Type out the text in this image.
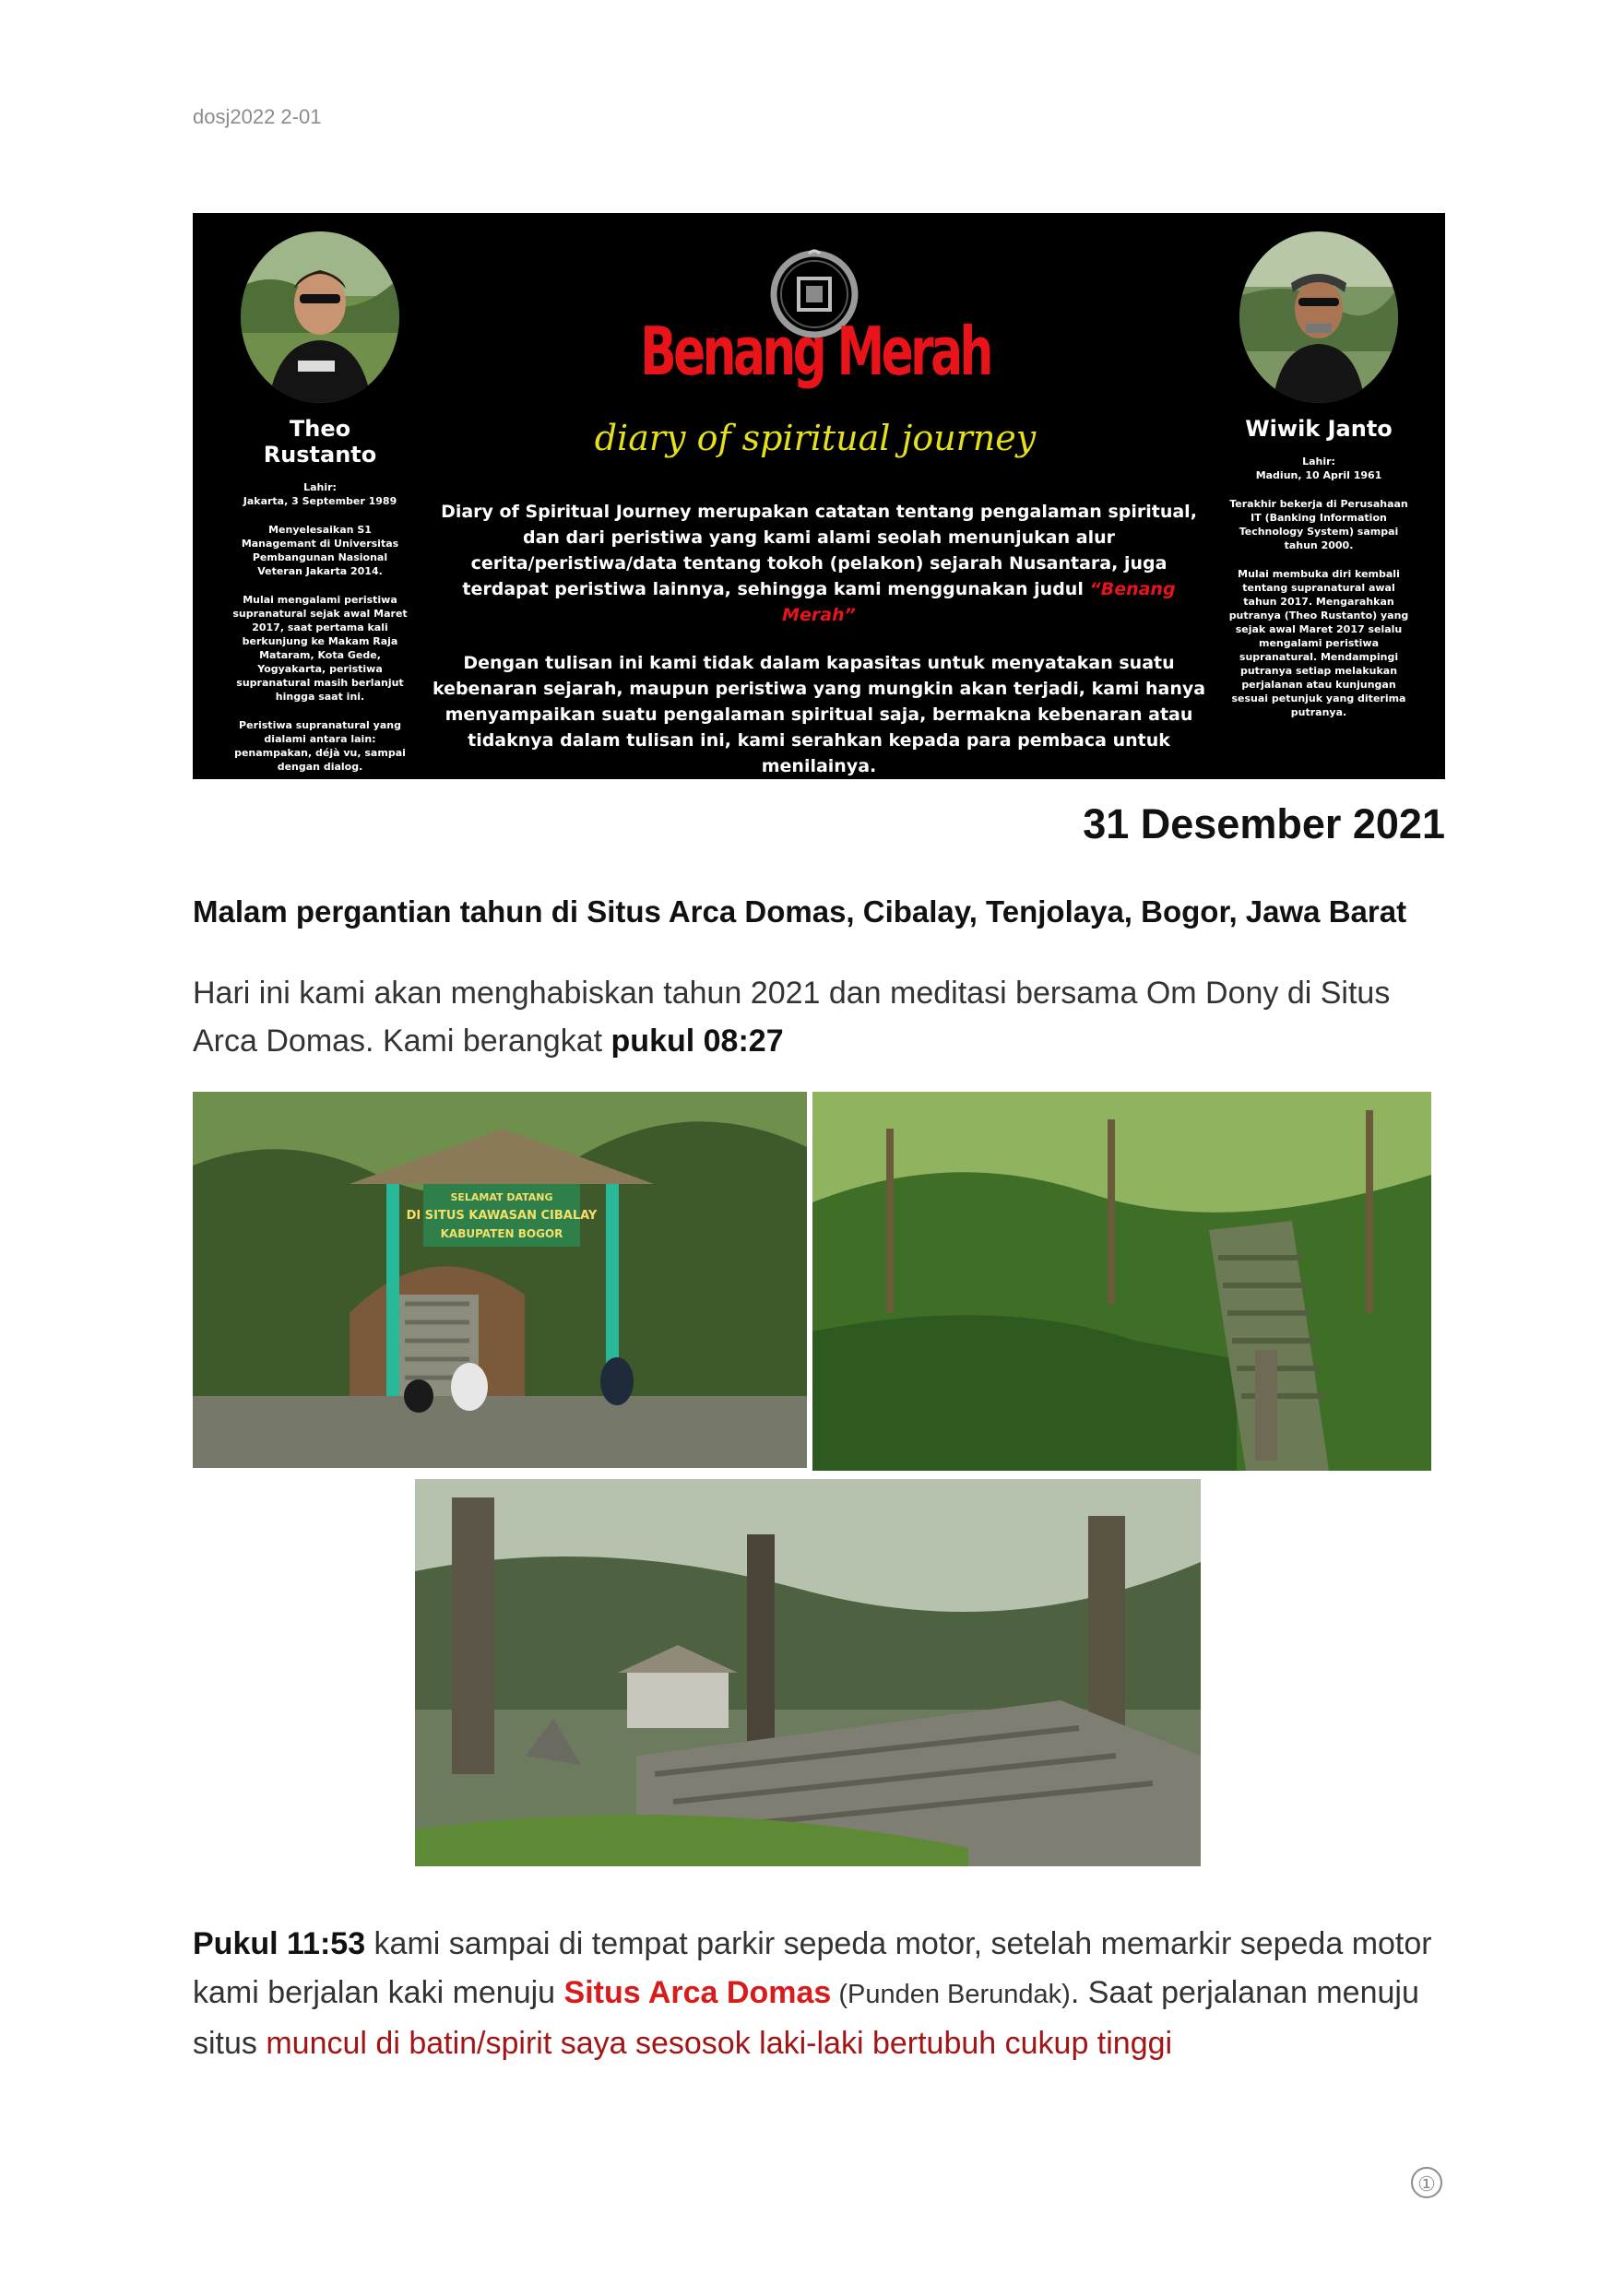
dosj2022 2-01
Theo Rustanto
Lahir:
Jakarta, 3 September 1989
Menyelesaikan S1 Managemant di Universitas Pembangunan Nasional Veteran Jakarta 2014.
Mulai mengalami peristiwa supranatural sejak awal Maret 2017, saat pertama kali berkunjung ke Makam Raja Mataram, Kota Gede, Yogyakarta, peristiwa supranatural masih berlanjut hingga saat ini.
Peristiwa supranatural yang dialami antara lain: penampakan, déjà vu, sampai dengan dialog.
Benang Merah
diary of spiritual journey

Diary of Spiritual Journey merupakan catatan tentang pengalaman spiritual, dan dari peristiwa yang kami alami seolah menunjukan alur cerita/peristiwa/data tentang tokoh (pelakon) sejarah Nusantara, juga terdapat peristiwa lainnya, sehingga kami menggunakan judul “Benang Merah”

Dengan tulisan ini kami tidak dalam kapasitas untuk menyatakan suatu kebenaran sejarah, maupun peristiwa yang mungkin akan terjadi, kami hanya menyampaikan suatu pengalaman spiritual saja, bermakna kebenaran atau tidaknya dalam tulisan ini, kami serahkan kepada para pembaca untuk menilainya.

Wiwik Janto
Lahir:
Madiun, 10 April 1961
Terakhir bekerja di Perusahaan IT (Banking Information Technology System) sampai tahun 2000.
Mulai membuka diri kembali tentang supranatural awal tahun 2017. Mengarahkan putranya (Theo Rustanto) yang sejak awal Maret 2017 selalu mengalami peristiwa supranatural. Mendampingi putranya setiap melakukan perjalanan atau kunjungan sesuai petunjuk yang diterima putranya.
31 Desember 2021
Malam pergantian tahun di Situs Arca Domas, Cibalay, Tenjolaya, Bogor, Jawa Barat
Hari ini kami akan menghabiskan tahun 2021 dan meditasi bersama Om Dony di Situs Arca Domas. Kami berangkat pukul 08:27
SELAMAT DATANG
DI SITUS KAWASAN CIBALAY
KABUPATEN BOGOR
Pukul 11:53 kami sampai di tempat parkir sepeda motor, setelah memarkir sepeda motor kami berjalan kaki menuju Situs Arca Domas (Punden Berundak). Saat perjalanan menuju situs muncul di batin/spirit saya sesosok laki-laki bertubuh cukup tinggi
①
